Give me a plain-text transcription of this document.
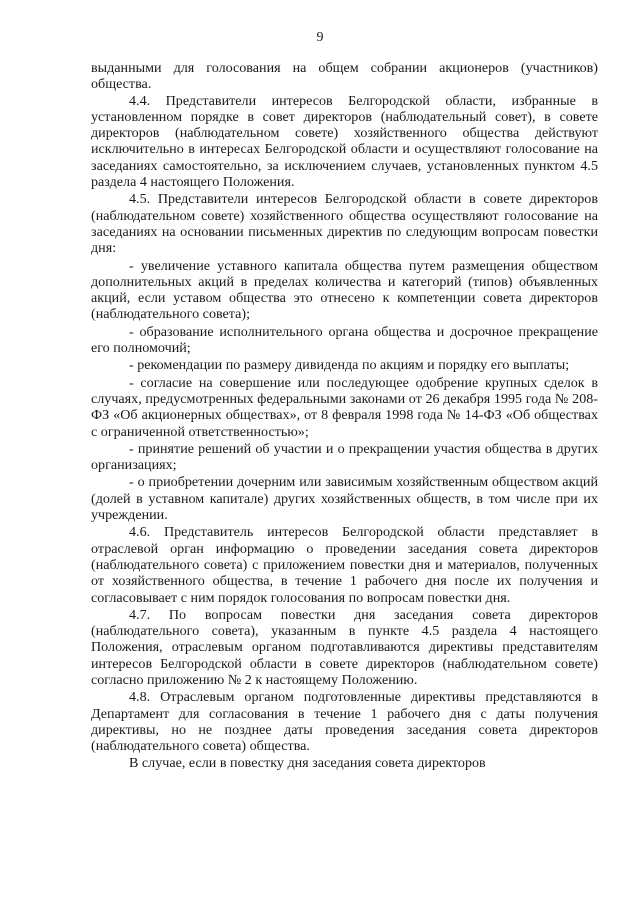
9

выданными для голосования на общем собрании акционеров (участников) общества.

4.4. Представители интересов Белгородской области, избранные в установленном порядке в совет директоров (наблюдательный совет), в совете директоров (наблюдательном совете) хозяйственного общества действуют исключительно в интересах Белгородской области и осуществляют голосование на заседаниях самостоятельно, за исключением случаев, установленных пунктом 4.5 раздела 4 настоящего Положения.

4.5. Представители интересов Белгородской области в совете директоров (наблюдательном совете) хозяйственного общества осуществляют голосование на заседаниях на основании письменных директив по следующим вопросам повестки дня:

- увеличение уставного капитала общества путем размещения обществом дополнительных акций в пределах количества и категорий (типов) объявленных акций, если уставом общества это отнесено к компетенции совета директоров (наблюдательного совета);

- образование исполнительного органа общества и досрочное прекращение его полномочий;

- рекомендации по размеру дивиденда по акциям и порядку его выплаты;

- согласие на совершение или последующее одобрение крупных сделок в случаях, предусмотренных федеральными законами от 26 декабря 1995 года № 208-ФЗ «Об акционерных обществах», от 8 февраля 1998 года № 14-ФЗ «Об обществах с ограниченной ответственностью»;

- принятие решений об участии и о прекращении участия общества в других организациях;

- о приобретении дочерним или зависимым хозяйственным обществом акций (долей в уставном капитале) других хозяйственных обществ, в том числе при их учреждении.

4.6. Представитель интересов Белгородской области представляет в отраслевой орган информацию о проведении заседания совета директоров (наблюдательного совета) с приложением повестки дня и материалов, полученных от хозяйственного общества, в течение 1 рабочего дня после их получения и согласовывает с ним порядок голосования по вопросам повестки дня.

4.7. По вопросам повестки дня заседания совета директоров (наблюдательного совета), указанным в пункте 4.5 раздела 4 настоящего Положения, отраслевым органом подготавливаются директивы представителям интересов Белгородской области в совете директоров (наблюдательном совете) согласно приложению № 2 к настоящему Положению.

4.8. Отраслевым органом подготовленные директивы представляются в Департамент для согласования в течение 1 рабочего дня с даты получения директивы, но не позднее даты проведения заседания совета директоров (наблюдательного совета) общества.

В случае, если в повестку дня заседания совета директоров
